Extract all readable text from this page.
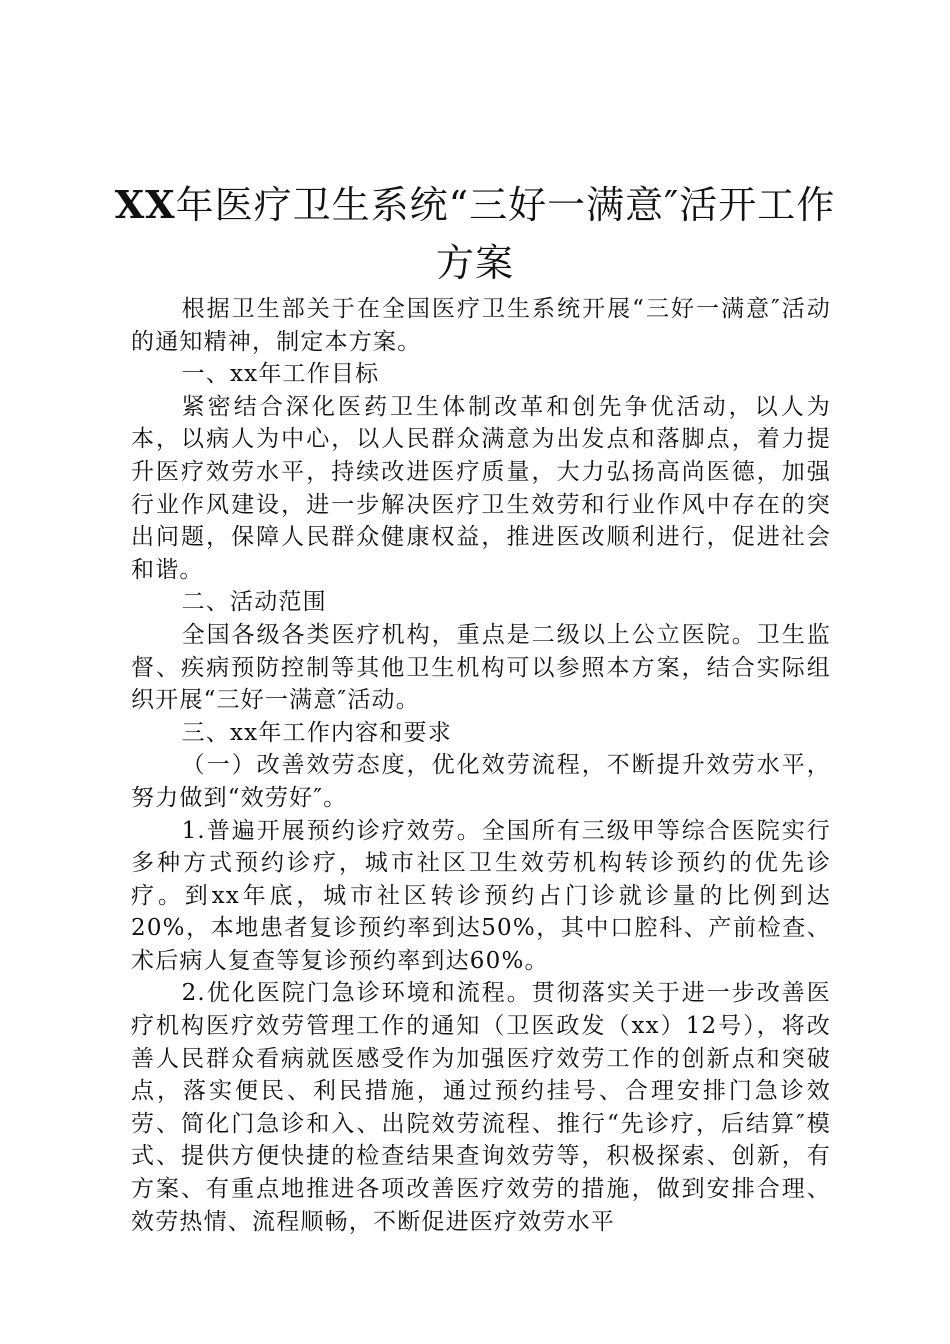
XX年医疗卫生系统“三好一满意″活开工作方案

根据卫生部关于在全国医疗卫生系统开展“三好一满意″活动的通知精神，制定本方案。

一、xx年工作目标

紧密结合深化医药卫生体制改革和创先争优活动，以人为本，以病人为中心，以人民群众满意为出发点和落脚点，着力提升医疗效劳水平，持续改进医疗质量，大力弘扬高尚医德，加强行业作风建设，进一步解决医疗卫生效劳和行业作风中存在的突出问题，保障人民群众健康权益，推进医改顺利进行，促进社会和谐。

二、活动范围

全国各级各类医疗机构，重点是二级以上公立医院。卫生监督、疾病预防控制等其他卫生机构可以参照本方案，结合实际组织开展“三好一满意″活动。

三、xx年工作内容和要求

（一）改善效劳态度，优化效劳流程，不断提升效劳水平，努力做到“效劳好″。

1.普遍开展预约诊疗效劳。全国所有三级甲等综合医院实行多种方式预约诊疗，城市社区卫生效劳机构转诊预约的优先诊疗。到xx年底，城市社区转诊预约占门诊就诊量的比例到达20%，本地患者复诊预约率到达50%，其中口腔科、产前检查、术后病人复查等复诊预约率到达60%。

2.优化医院门急诊环境和流程。贯彻落实关于进一步改善医疗机构医疗效劳管理工作的通知（卫医政发（xx）12号），将改善人民群众看病就医感受作为加强医疗效劳工作的创新点和突破点，落实便民、利民措施，通过预约挂号、合理安排门急诊效劳、简化门急诊和入、出院效劳流程、推行“先诊疗，后结算″模式、提供方便快捷的检查结果查询效劳等，积极探索、创新，有方案、有重点地推进各项改善医疗效劳的措施，做到安排合理、效劳热情、流程顺畅，不断促进医疗效劳水平
